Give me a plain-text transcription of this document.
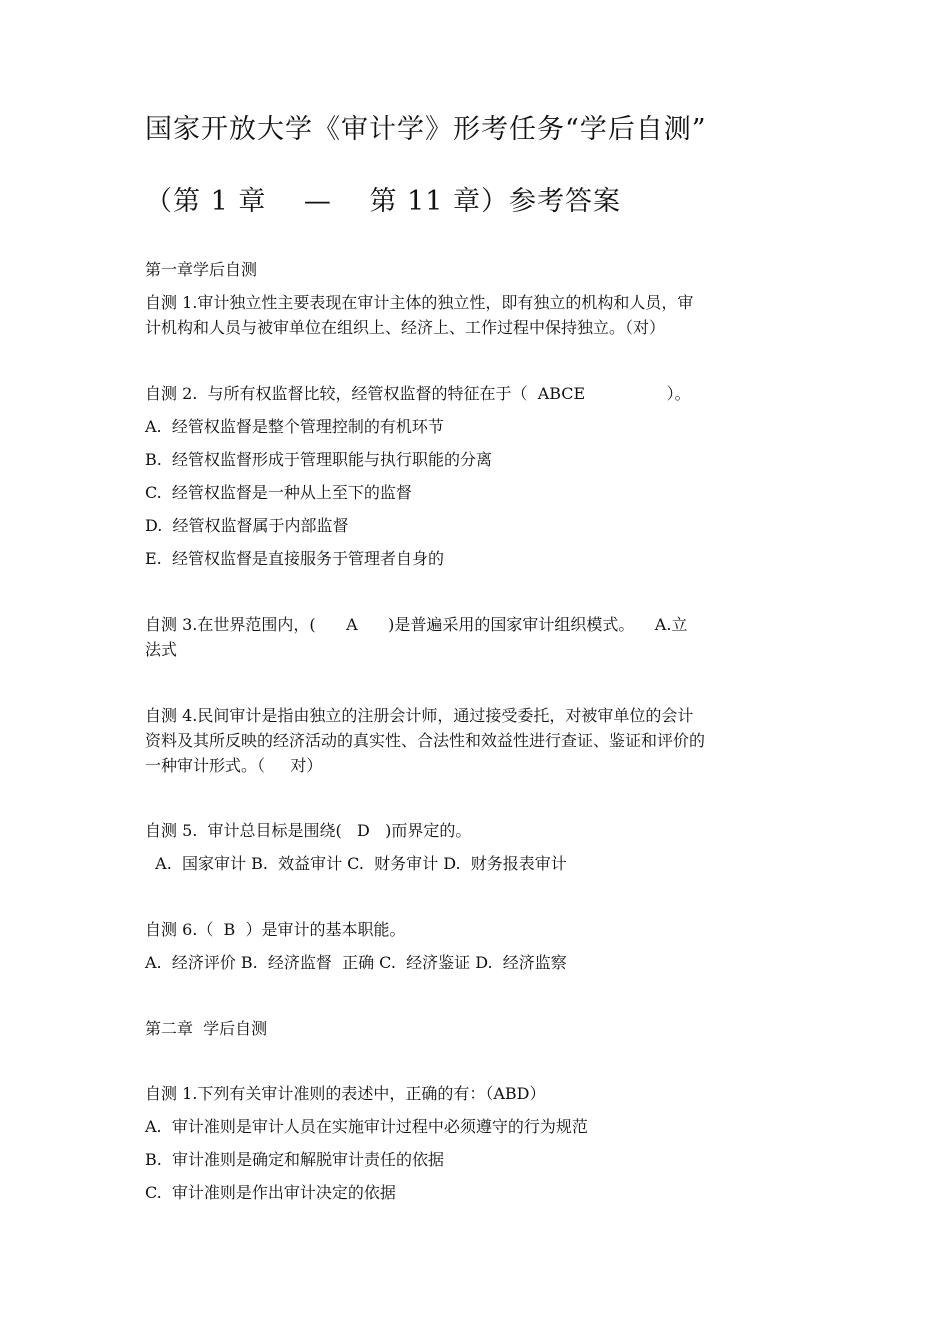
国家开放大学《审计学》形考任务“学后自测”
（第 1 章　 —　 第 11 章）参考答案
第一章学后自测
自测 1.审计独立性主要表现在审计主体的独立性，即有独立的机构和人员，审
计机构和人员与被审单位在组织上、经济上、工作过程中保持独立。（对）
自测 2.  与所有权监督比较，经管权监督的特征在于（  ABCE                ）。
A.  经管权监督是整个管理控制的有机环节
B.  经管权监督形成于管理职能与执行职能的分离
C.  经管权监督是一种从上至下的监督
D.  经管权监督属于内部监督
E.  经管权监督是直接服务于管理者自身的
自测 3.在世界范围内，(      A      )是普遍采用的国家审计组织模式。    A.立
法式
自测 4.民间审计是指由独立的注册会计师，通过接受委托，对被审单位的会计
资料及其所反映的经济活动的真实性、合法性和效益性进行查证、鉴证和评价的
一种审计形式。（     对）
自测 5.  审计总目标是围绕(   D   )而界定的。
A.  国家审计 B.  效益审计 C.  财务审计 D.  财务报表审计
自测 6.（  B  ）是审计的基本职能。
A.  经济评价 B.  经济监督  正确 C.  经济鉴证 D.  经济监察
第二章  学后自测
自测 1.下列有关审计准则的表述中，正确的有：（ABD）
A.  审计准则是审计人员在实施审计过程中必须遵守的行为规范
B.  审计准则是确定和解脱审计责任的依据
C.  审计准则是作出审计决定的依据
